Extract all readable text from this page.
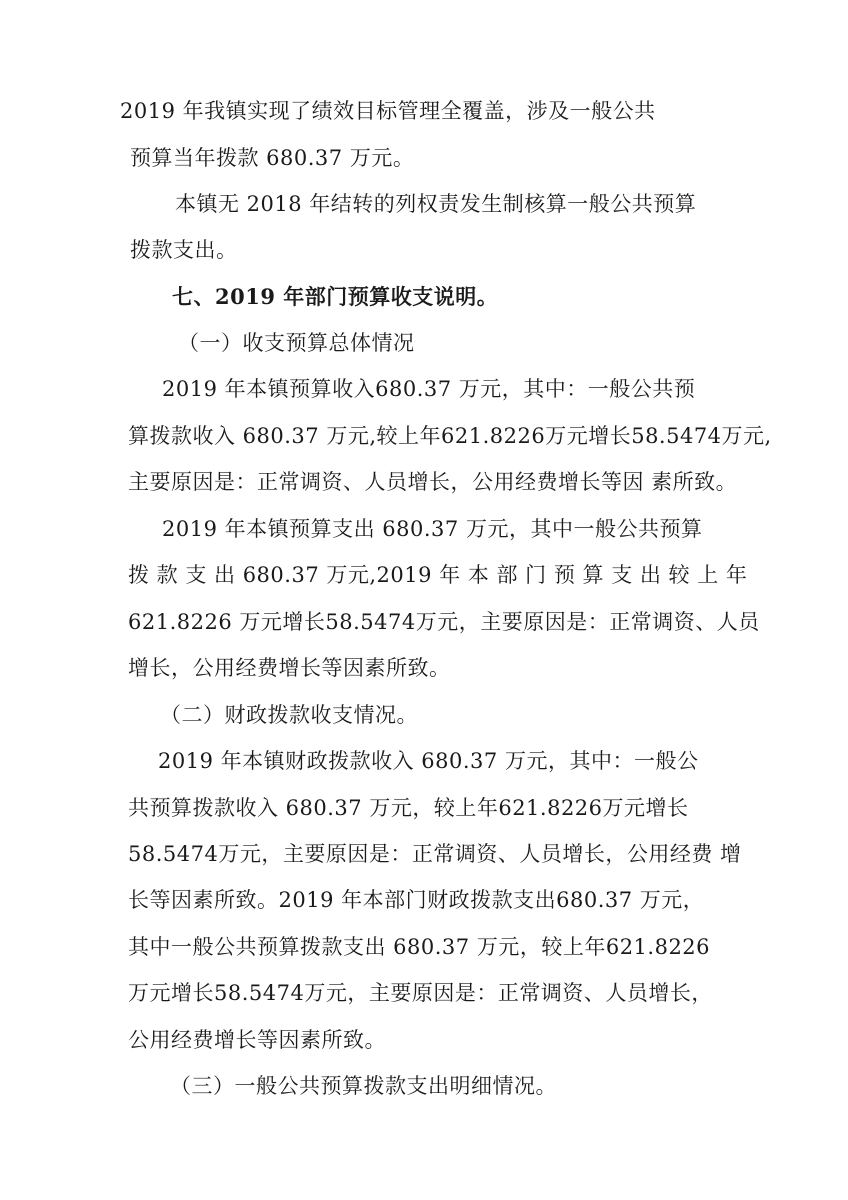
2019 年我镇实现了绩效目标管理全覆盖，涉及一般公共
预算当年拨款 680.37 万元。
本镇无 2018 年结转的列权责发生制核算一般公共预算
拨款支出。
七、2019 年部门预算收支说明。
（一）收支预算总体情况
2019 年本镇预算收入680.37 万元，其中：一般公共预
算拨款收入 680.37 万元,较上年621.8226万元增长58.5474万元,
主要原因是：正常调资、人员增长，公用经费增长等因 素所致。
2019 年本镇预算支出 680.37 万元，其中一般公共预算
拨 款 支 出 680.37 万元,2019 年 本 部 门 预 算 支 出 较 上 年
621.8226 万元增长58.5474万元，主要原因是：正常调资、人员
增长，公用经费增长等因素所致。
（二）财政拨款收支情况。
2019 年本镇财政拨款收入 680.37 万元，其中：一般公
共预算拨款收入 680.37 万元，较上年621.8226万元增长
58.5474万元，主要原因是：正常调资、人员增长，公用经费 增
长等因素所致。2019 年本部门财政拨款支出680.37 万元，
其中一般公共预算拨款支出 680.37 万元，较上年621.8226
万元增长58.5474万元，主要原因是：正常调资、人员增长，
公用经费增长等因素所致。
（三）一般公共预算拨款支出明细情况。
